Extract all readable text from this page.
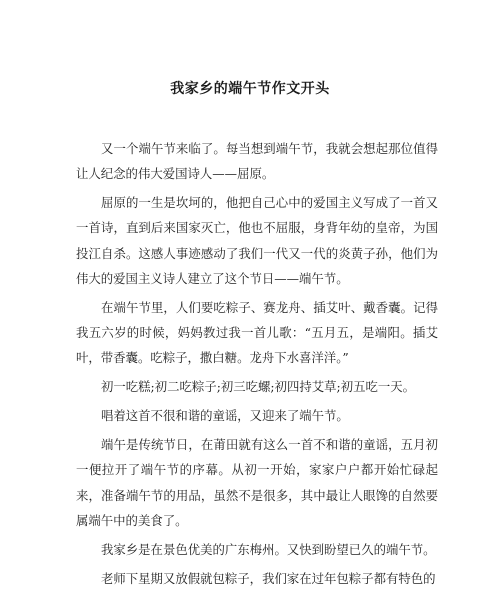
我家乡的端午节作文开头

又一个端午节来临了。每当想到端午节，我就会想起那位值得让人纪念的伟大爱国诗人——屈原。

屈原的一生是坎坷的，他把自己心中的爱国主义写成了一首又一首诗，直到后来国家灭亡，他也不屈服，身背年幼的皇帝，为国投江自杀。这感人事迹感动了我们一代又一代的炎黄子孙，他们为伟大的爱国主义诗人建立了这个节日——端午节。

在端午节里，人们要吃粽子、赛龙舟、插艾叶、戴香囊。记得我五六岁的时候，妈妈教过我一首儿歌：“五月五，是端阳。插艾叶，带香囊。吃粽子，撒白糖。龙舟下水喜洋洋。”

初一吃糕;初二吃粽子;初三吃螺;初四持艾草;初五吃一天。

唱着这首不很和谐的童谣，又迎来了端午节。

端午是传统节日，在莆田就有这么一首不和谐的童谣，五月初一便拉开了端午节的序幕。从初一开始，家家户户都开始忙碌起来，准备端午节的用品，虽然不是很多，其中最让人眼馋的自然要属端午中的美食了。

我家乡是在景色优美的广东梅州。又快到盼望已久的端午节。

老师下星期又放假就包粽子，我们家在过年包粽子都有特色的
